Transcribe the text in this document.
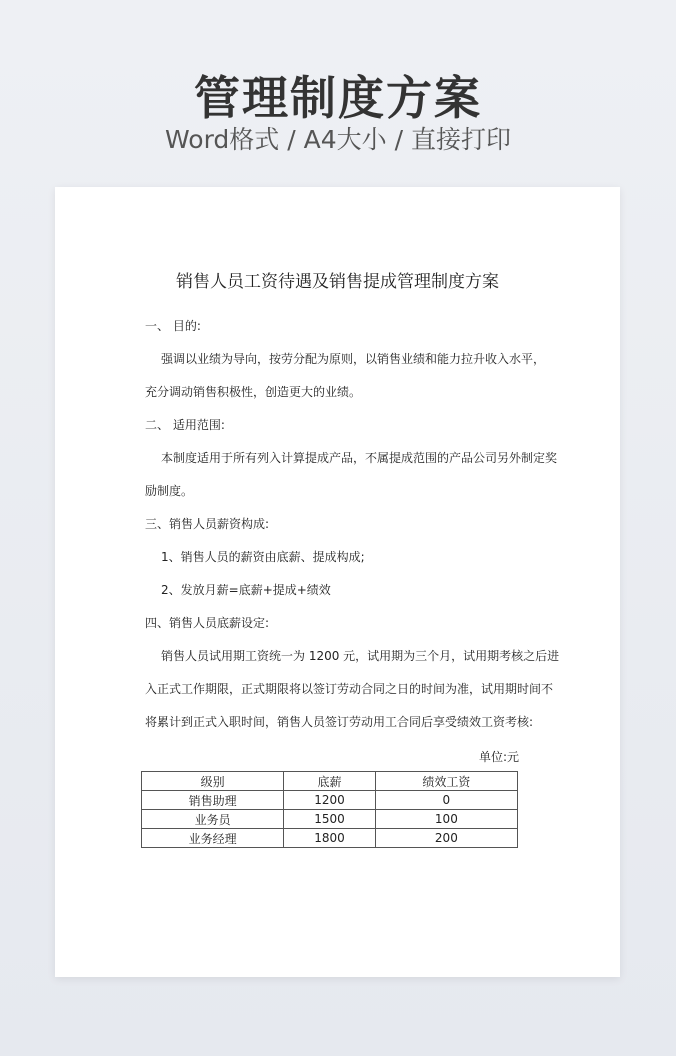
管理制度方案
Word格式 / A4大小 / 直接打印
销售人员工资待遇及销售提成管理制度方案
一、 目的:
强调以业绩为导向，按劳分配为原则，以销售业绩和能力拉升收入水平，
充分调动销售积极性，创造更大的业绩。
二、 适用范围:
本制度适用于所有列入计算提成产品，不属提成范围的产品公司另外制定奖
励制度。
三、销售人员薪资构成:
1、销售人员的薪资由底薪、提成构成;
2、发放月薪=底薪+提成+绩效
四、销售人员底薪设定:
销售人员试用期工资统一为 1200 元，试用期为三个月，试用期考核之后进
入正式工作期限，正式期限将以签订劳动合同之日的时间为准，试用期时间不
将累计到正式入职时间，销售人员签订劳动用工合同后享受绩效工资考核:
单位:元
级别	底薪	绩效工资
销售助理	1200	0
业务员	1500	100
业务经理	1800	200
